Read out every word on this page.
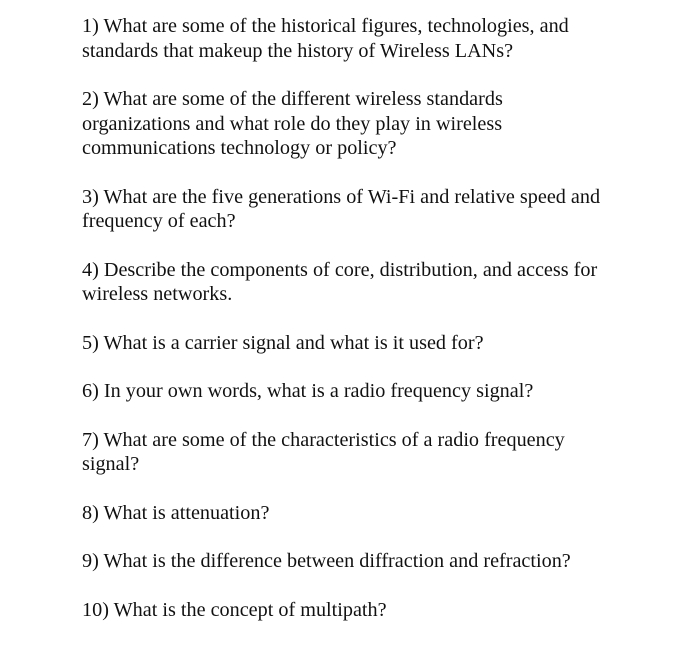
1) What are some of the historical figures, technologies, and
standards that makeup the history of Wireless LANs?

2) What are some of the different wireless standards
organizations and what role do they play in wireless
communications technology or policy?

3) What are the five generations of Wi-Fi and relative speed and
frequency of each?

4) Describe the components of core, distribution, and access for
wireless networks.

5) What is a carrier signal and what is it used for?

6) In your own words, what is a radio frequency signal?

7) What are some of the characteristics of a radio frequency
signal?

8) What is attenuation?

9) What is the difference between diffraction and refraction?

10) What is the concept of multipath?
